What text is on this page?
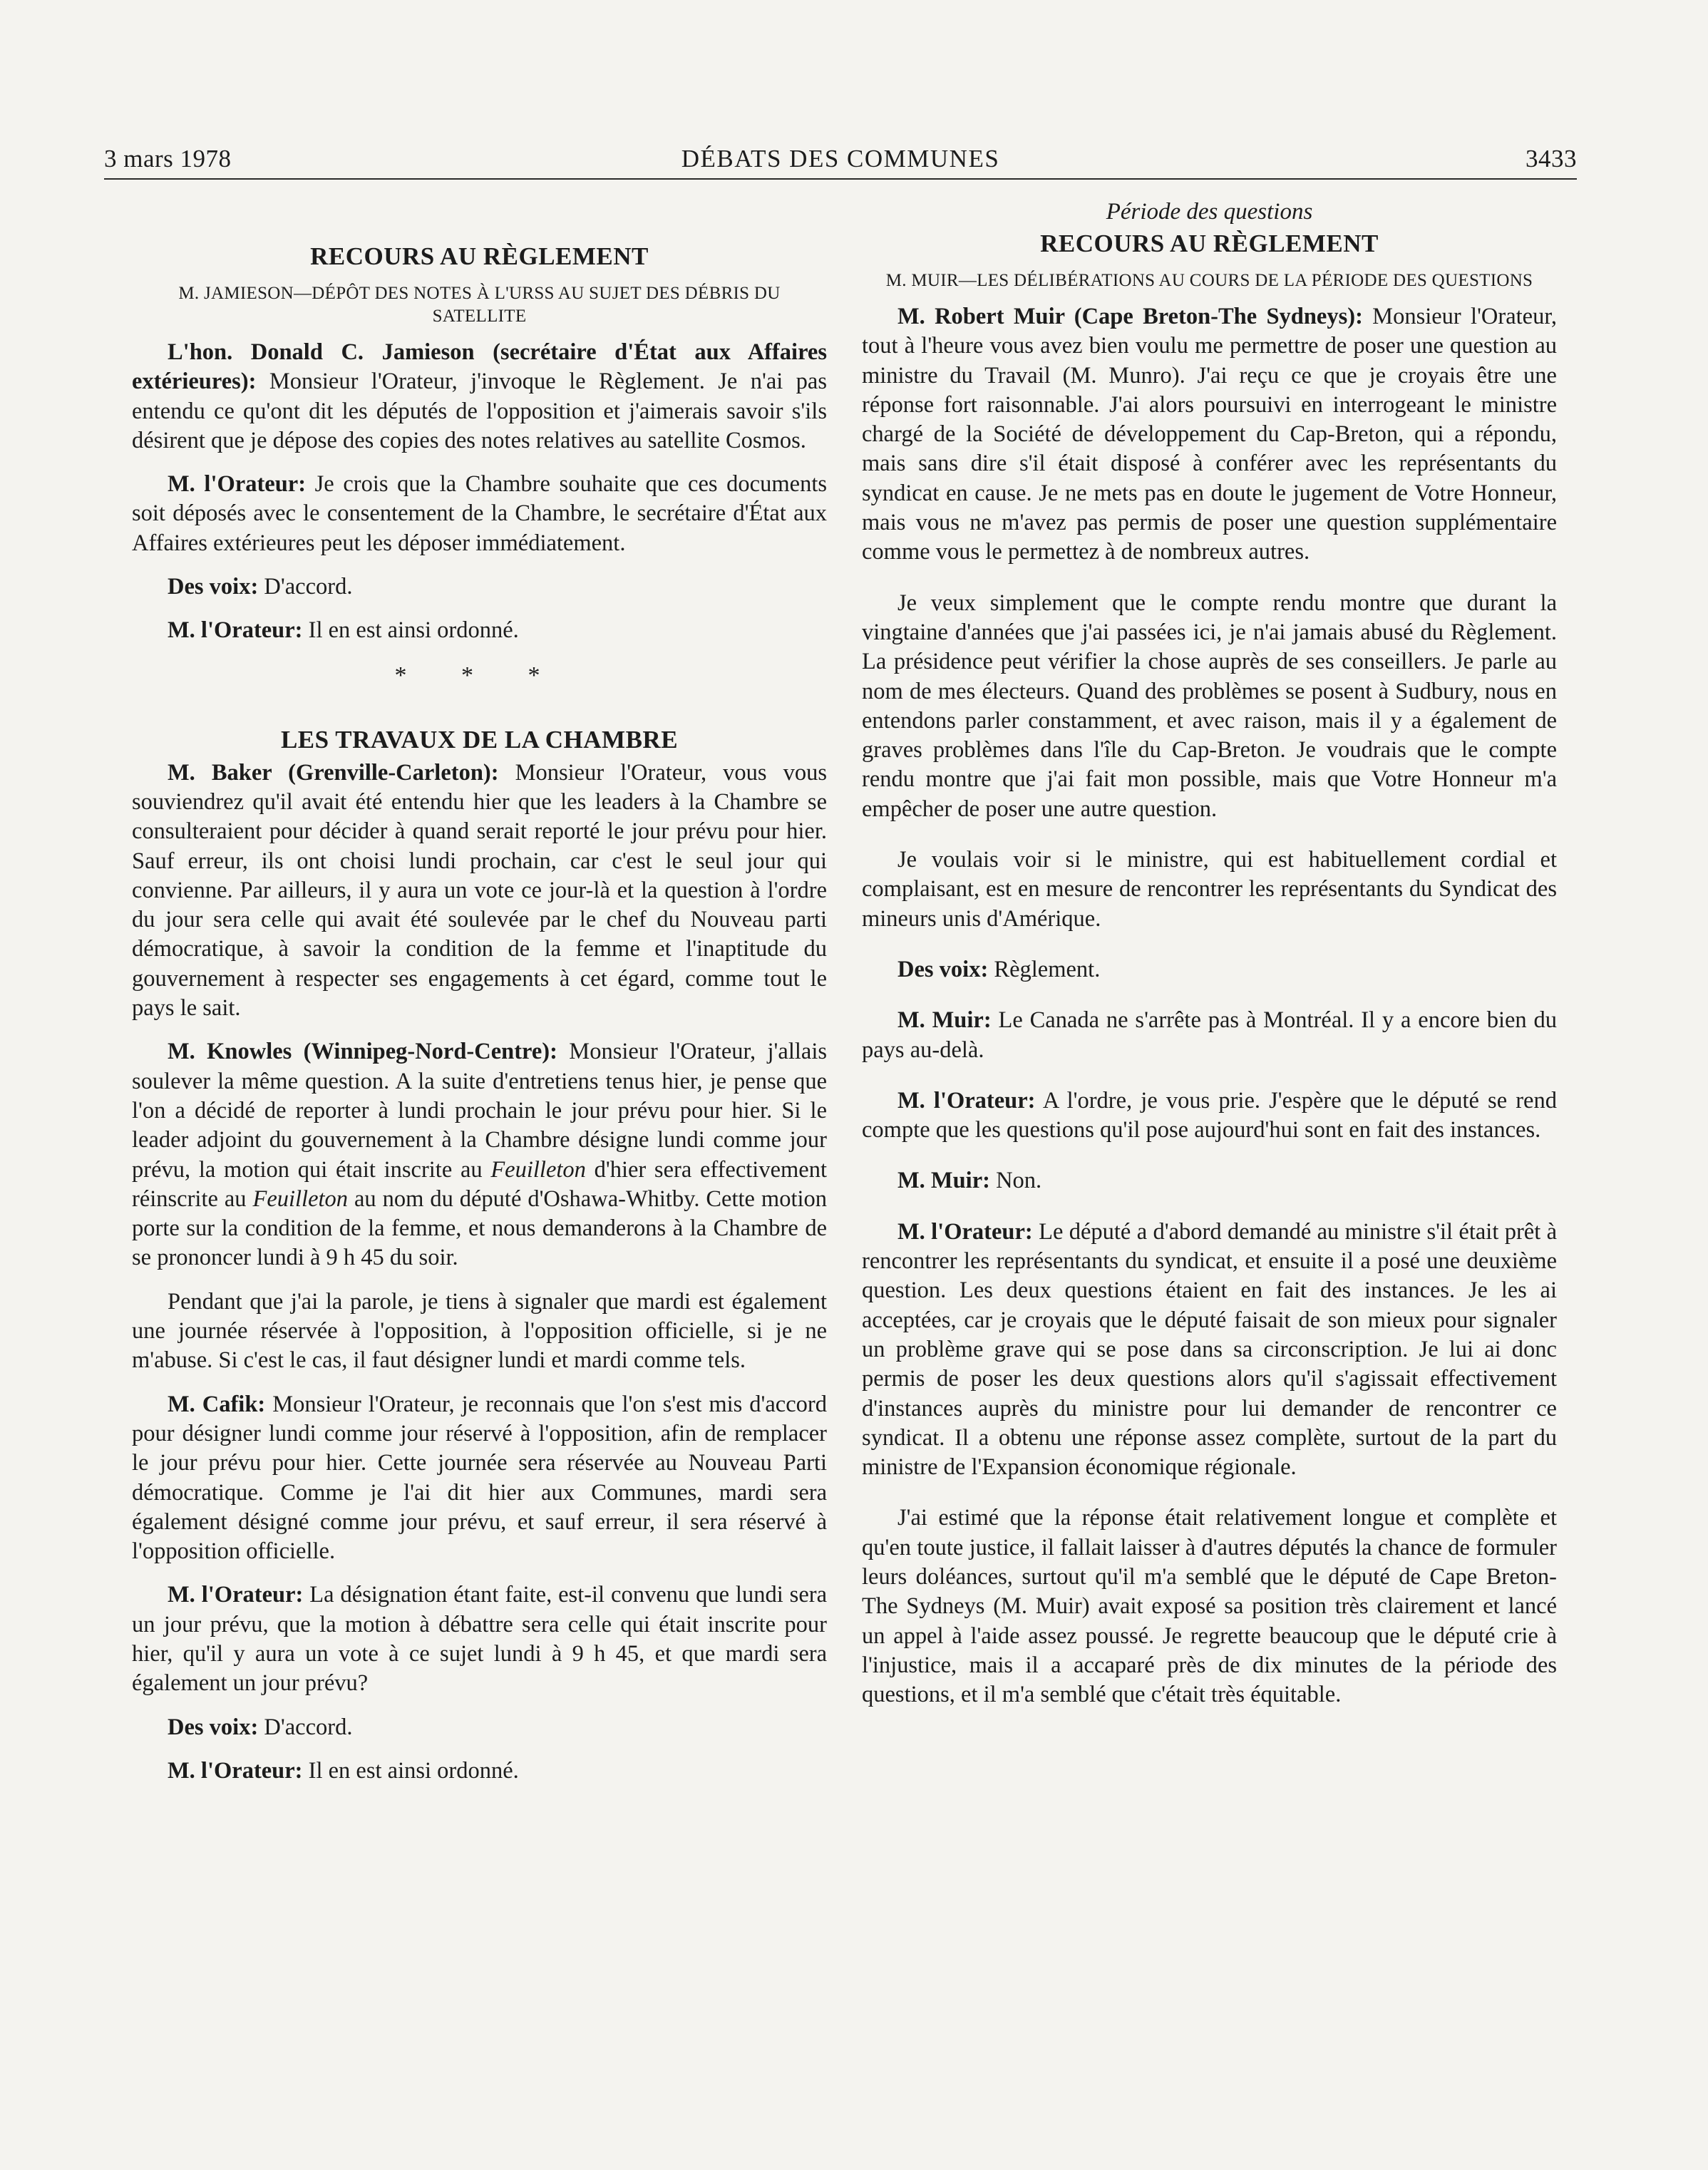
3 mars 1978	DÉBATS DES COMMUNES	3433
RECOURS AU RÈGLEMENT

M. JAMIESON—DÉPÔT DES NOTES À L'URSS AU SUJET DES DÉBRIS DU SATELLITE

L'hon. Donald C. Jamieson (secrétaire d'État aux Affaires extérieures): Monsieur l'Orateur, j'invoque le Règlement. Je n'ai pas entendu ce qu'ont dit les députés de l'opposition et j'aimerais savoir s'ils désirent que je dépose des copies des notes relatives au satellite Cosmos.

M. l'Orateur: Je crois que la Chambre souhaite que ces documents soit déposés avec le consentement de la Chambre, le secrétaire d'État aux Affaires extérieures peut les déposer immédiatement.

Des voix: D'accord.

M. l'Orateur: Il en est ainsi ordonné.

* * *
LES TRAVAUX DE LA CHAMBRE

M. Baker (Grenville-Carleton): Monsieur l'Orateur, vous vous souviendrez qu'il avait été entendu hier que les leaders à la Chambre se consulteraient pour décider à quand serait reporté le jour prévu pour hier. Sauf erreur, ils ont choisi lundi prochain, car c'est le seul jour qui convienne. Par ailleurs, il y aura un vote ce jour-là et la question à l'ordre du jour sera celle qui avait été soulevée par le chef du Nouveau parti démocratique, à savoir la condition de la femme et l'inaptitude du gouvernement à respecter ses engagements à cet égard, comme tout le pays le sait.

M. Knowles (Winnipeg-Nord-Centre): Monsieur l'Orateur, j'allais soulever la même question. A la suite d'entretiens tenus hier, je pense que l'on a décidé de reporter à lundi prochain le jour prévu pour hier. Si le leader adjoint du gouvernement à la Chambre désigne lundi comme jour prévu, la motion qui était inscrite au Feuilleton d'hier sera effectivement réinscrite au Feuilleton au nom du député d'Oshawa-Whitby. Cette motion porte sur la condition de la femme, et nous demanderons à la Chambre de se prononcer lundi à 9 h 45 du soir.

Pendant que j'ai la parole, je tiens à signaler que mardi est également une journée réservée à l'opposition, à l'opposition officielle, si je ne m'abuse. Si c'est le cas, il faut désigner lundi et mardi comme tels.

M. Cafik: Monsieur l'Orateur, je reconnais que l'on s'est mis d'accord pour désigner lundi comme jour réservé à l'opposition, afin de remplacer le jour prévu pour hier. Cette journée sera réservée au Nouveau Parti démocratique. Comme je l'ai dit hier aux Communes, mardi sera également désigné comme jour prévu, et sauf erreur, il sera réservé à l'opposition officielle.

M. l'Orateur: La désignation étant faite, est-il convenu que lundi sera un jour prévu, que la motion à débattre sera celle qui était inscrite pour hier, qu'il y aura un vote à ce sujet lundi à 9 h 45, et que mardi sera également un jour prévu?

Des voix: D'accord.

M. l'Orateur: Il en est ainsi ordonné.

Période des questions
RECOURS AU RÈGLEMENT

M. MUIR—LES DÉLIBÉRATIONS AU COURS DE LA PÉRIODE DES QUESTIONS

M. Robert Muir (Cape Breton-The Sydneys): Monsieur l'Orateur, tout à l'heure vous avez bien voulu me permettre de poser une question au ministre du Travail (M. Munro). J'ai reçu ce que je croyais être une réponse fort raisonnable. J'ai alors poursuivi en interrogeant le ministre chargé de la Société de développement du Cap-Breton, qui a répondu, mais sans dire s'il était disposé à conférer avec les représentants du syndicat en cause. Je ne mets pas en doute le jugement de Votre Honneur, mais vous ne m'avez pas permis de poser une question supplémentaire comme vous le permettez à de nombreux autres.

Je veux simplement que le compte rendu montre que durant la vingtaine d'années que j'ai passées ici, je n'ai jamais abusé du Règlement. La présidence peut vérifier la chose auprès de ses conseillers. Je parle au nom de mes électeurs. Quand des problèmes se posent à Sudbury, nous en entendons parler constamment, et avec raison, mais il y a également de graves problèmes dans l'île du Cap-Breton. Je voudrais que le compte rendu montre que j'ai fait mon possible, mais que Votre Honneur m'a empêcher de poser une autre question.

Je voulais voir si le ministre, qui est habituellement cordial et complaisant, est en mesure de rencontrer les représentants du Syndicat des mineurs unis d'Amérique.

Des voix: Règlement.

M. Muir: Le Canada ne s'arrête pas à Montréal. Il y a encore bien du pays au-delà.

M. l'Orateur: A l'ordre, je vous prie. J'espère que le député se rend compte que les questions qu'il pose aujourd'hui sont en fait des instances.

M. Muir: Non.

M. l'Orateur: Le député a d'abord demandé au ministre s'il était prêt à rencontrer les représentants du syndicat, et ensuite il a posé une deuxième question. Les deux questions étaient en fait des instances. Je les ai acceptées, car je croyais que le député faisait de son mieux pour signaler un problème grave qui se pose dans sa circonscription. Je lui ai donc permis de poser les deux questions alors qu'il s'agissait effectivement d'instances auprès du ministre pour lui demander de rencontrer ce syndicat. Il a obtenu une réponse assez complète, surtout de la part du ministre de l'Expansion économique régionale.

J'ai estimé que la réponse était relativement longue et complète et qu'en toute justice, il fallait laisser à d'autres députés la chance de formuler leurs doléances, surtout qu'il m'a semblé que le député de Cape Breton-The Sydneys (M. Muir) avait exposé sa position très clairement et lancé un appel à l'aide assez poussé. Je regrette beaucoup que le député crie à l'injustice, mais il a accaparé près de dix minutes de la période des questions, et il m'a semblé que c'était très équitable.
